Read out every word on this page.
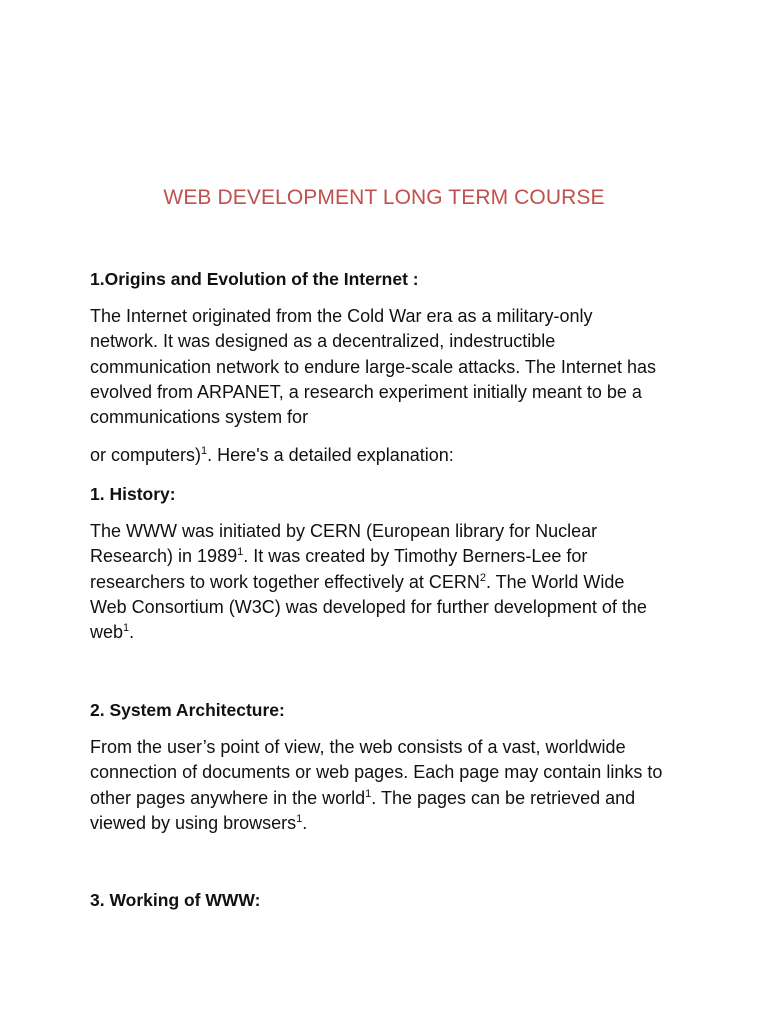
WEB DEVELOPMENT LONG TERM COURSE
1.Origins and Evolution of the Internet :
The Internet originated from the Cold War era as a military-only
network. It was designed as a decentralized, indestructible
communication network to endure large-scale attacks. The Internet has
evolved from ARPANET, a research experiment initially meant to be a
communications system for
or computers)$^1$. Here's a detailed explanation:
1. History:
The WWW was initiated by CERN (European library for Nuclear
Research) in 1989$^1$. It was created by Timothy Berners-Lee for
researchers to work together effectively at CERN$^2$. The World Wide
Web Consortium (W3C) was developed for further development of the
web$^1$.
2. System Architecture:
From the user’s point of view, the web consists of a vast, worldwide
connection of documents or web pages. Each page may contain links to
other pages anywhere in the world$^1$. The pages can be retrieved and
viewed by using browsers$^1$.
3. Working of WWW:
